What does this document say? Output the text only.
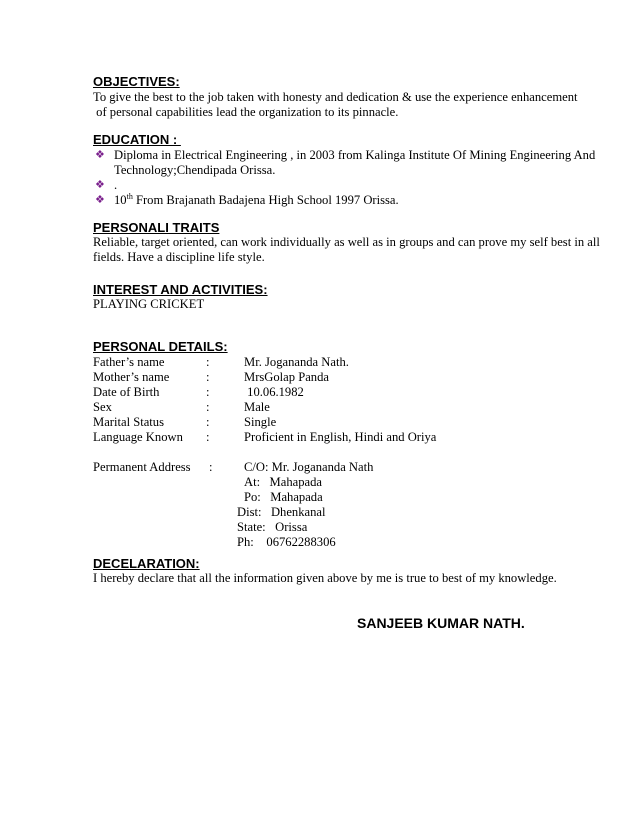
OBJECTIVES:
To give the best to the job taken with honesty and dedication & use the experience enhancement
of personal capabilities lead the organization to its pinnacle.
EDUCATION :
❖ Diploma in Electrical Engineering , in 2003 from Kalinga Institute Of Mining Engineering And
Technology;Chendipada Orissa.
❖ .
❖ 10th From Brajanath Badajena High School 1997 Orissa.
PERSONALI TRAITS
Reliable, target oriented, can work individually as well as in groups and can prove my self best in all
fields. Have a discipline life style.
INTEREST AND ACTIVITIES:
PLAYING CRICKET
PERSONAL DETAILS:
Father’s name	:	Mr. Jogananda Nath.
Mother’s name	:	MrsGolap Panda
Date of Birth	:	10.06.1982
Sex	:	Male
Marital Status	:	Single
Language Known :	Proficient in English, Hindi and Oriya
Permanent Address :	C/O: Mr. Jogananda Nath
At:   Mahapada
Po:   Mahapada
Dist:   Dhenkanal
State:   Orissa
Ph:    06762288306
DECELARATION:
I hereby declare that all the information given above by me is true to best of my knowledge.
SANJEEB KUMAR NATH.
